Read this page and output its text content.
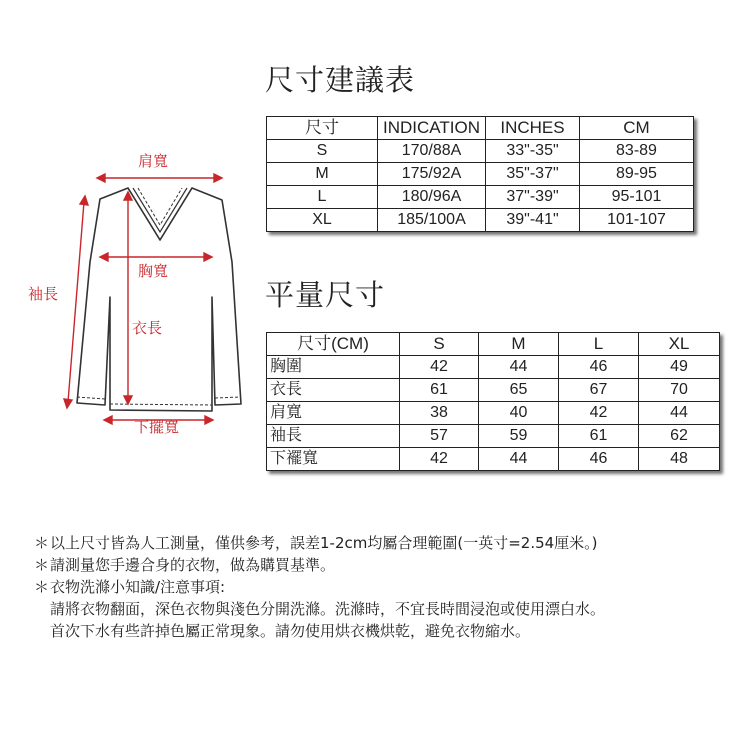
肩寬
胸寬
袖長
衣長
下擺寬
尺寸建議表
平量尺寸
尺寸	INDICATION	INCHES	CM
S	170/88A	33"-35"	83-89
M	175/92A	35"-37"	89-95
L	180/96A	37"-39"	95-101
XL	185/100A	39"-41"	101-107
尺寸(CM)	S	M	L	XL
胸圍	42	44	46	49
衣長	61	65	67	70
肩寬	38	40	42	44
袖長	57	59	61	62
下襬寬	42	44	46	48
＊以上尺寸皆為人工測量，僅供參考，誤差1-2cm均屬合理範圍(一英寸=2.54厘米。)
＊請測量您手邊合身的衣物，做為購買基準。
＊衣物洗滌小知識/注意事項:
請將衣物翻面，深色衣物與淺色分開洗滌。洗滌時，不宜長時間浸泡或使用漂白水。
首次下水有些許掉色屬正常現象。請勿使用烘衣機烘乾，避免衣物縮水。
